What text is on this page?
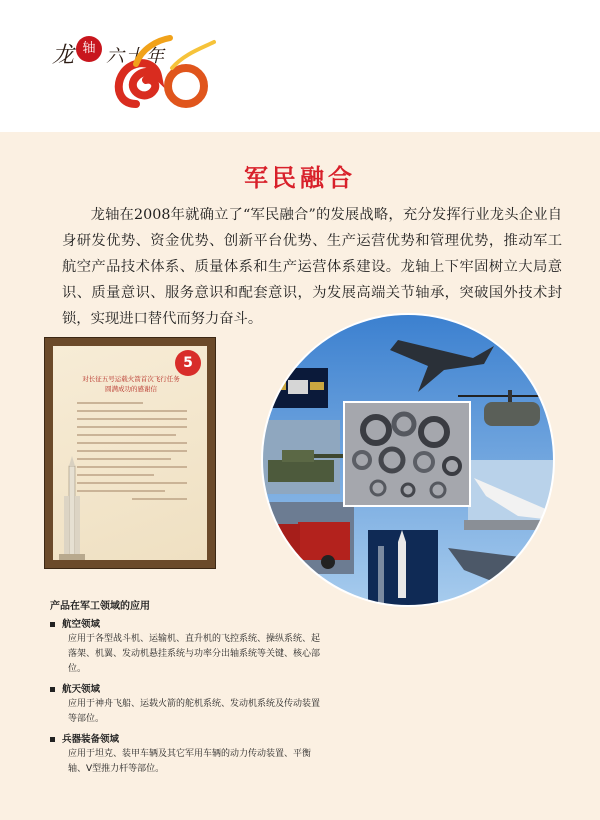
龙 轴 六十年
军民融合

龙轴在2008年就确立了“军民融合”的发展战略，充分发挥行业龙头企业自身研发优势、资金优势、创新平台优势、生产运营优势和管理优势，推动军工航空产品技术体系、质量体系和生产运营体系建设。龙轴上下牢固树立大局意识、质量意识、服务意识和配套意识，为发展高端关节轴承，突破国外技术封锁，实现进口替代而努力奋斗。

5
对长征五号运载火箭首次飞行任务
圆满成功的感谢信
产品在军工领域的应用
航空领域
应用于各型战斗机、运输机、直升机的飞控系统、操纵系统、起落架、机翼、发动机悬挂系统与功率分出轴系统等关键、核心部位。
航天领域
应用于神舟飞船、运载火箭的舵机系统、发动机系统及传动装置等部位。
兵器装备领域
应用于坦克、装甲车辆及其它军用车辆的动力传动装置、平衡轴、V型推力杆等部位。
